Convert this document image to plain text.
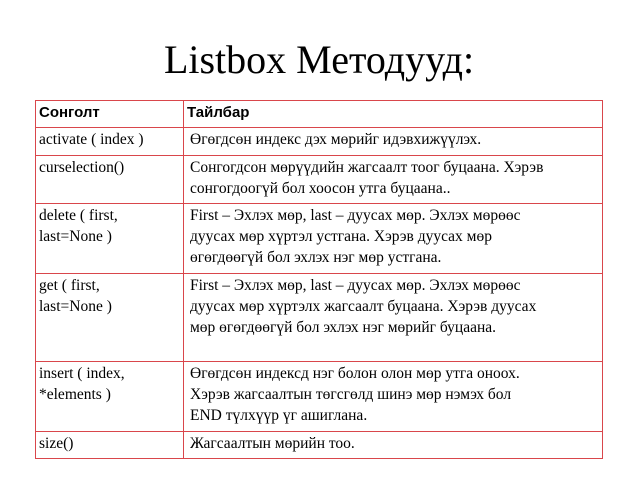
Listbox Методууд:
Сонголт	Тайлбар
activate ( index )	Өгөгдсөн индекс дэх мөрийг идэвхижүүлэх.
curselection()	Сонгогдсон мөрүүдийн жагсаалт тоог буцаана. Хэрэв
сонгогдоогүй бол хоосон утга буцаана..
delete ( first,
last=None )	First – Эхлэх мөр, last – дуусах мөр. Эхлэх мөрөөс
дуусах мөр хүртэл устгана. Хэрэв дуусах мөр
өгөгдөөгүй бол эхлэх нэг мөр устгана.
get ( first,
last=None )	First – Эхлэх мөр, last – дуусах мөр. Эхлэх мөрөөс
дуусах мөр хүртэлх жагсаалт буцаана. Хэрэв дуусах
мөр өгөгдөөгүй бол эхлэх нэг мөрийг буцаана.
insert ( index,
*elements )	Өгөгдсөн индексд нэг болон олон мөр утга оноох.
Хэрэв жагсаалтын төгсгөлд шинэ мөр нэмэх бол
END түлхүүр үг ашиглана.
size()	Жагсаалтын мөрийн тоо.
